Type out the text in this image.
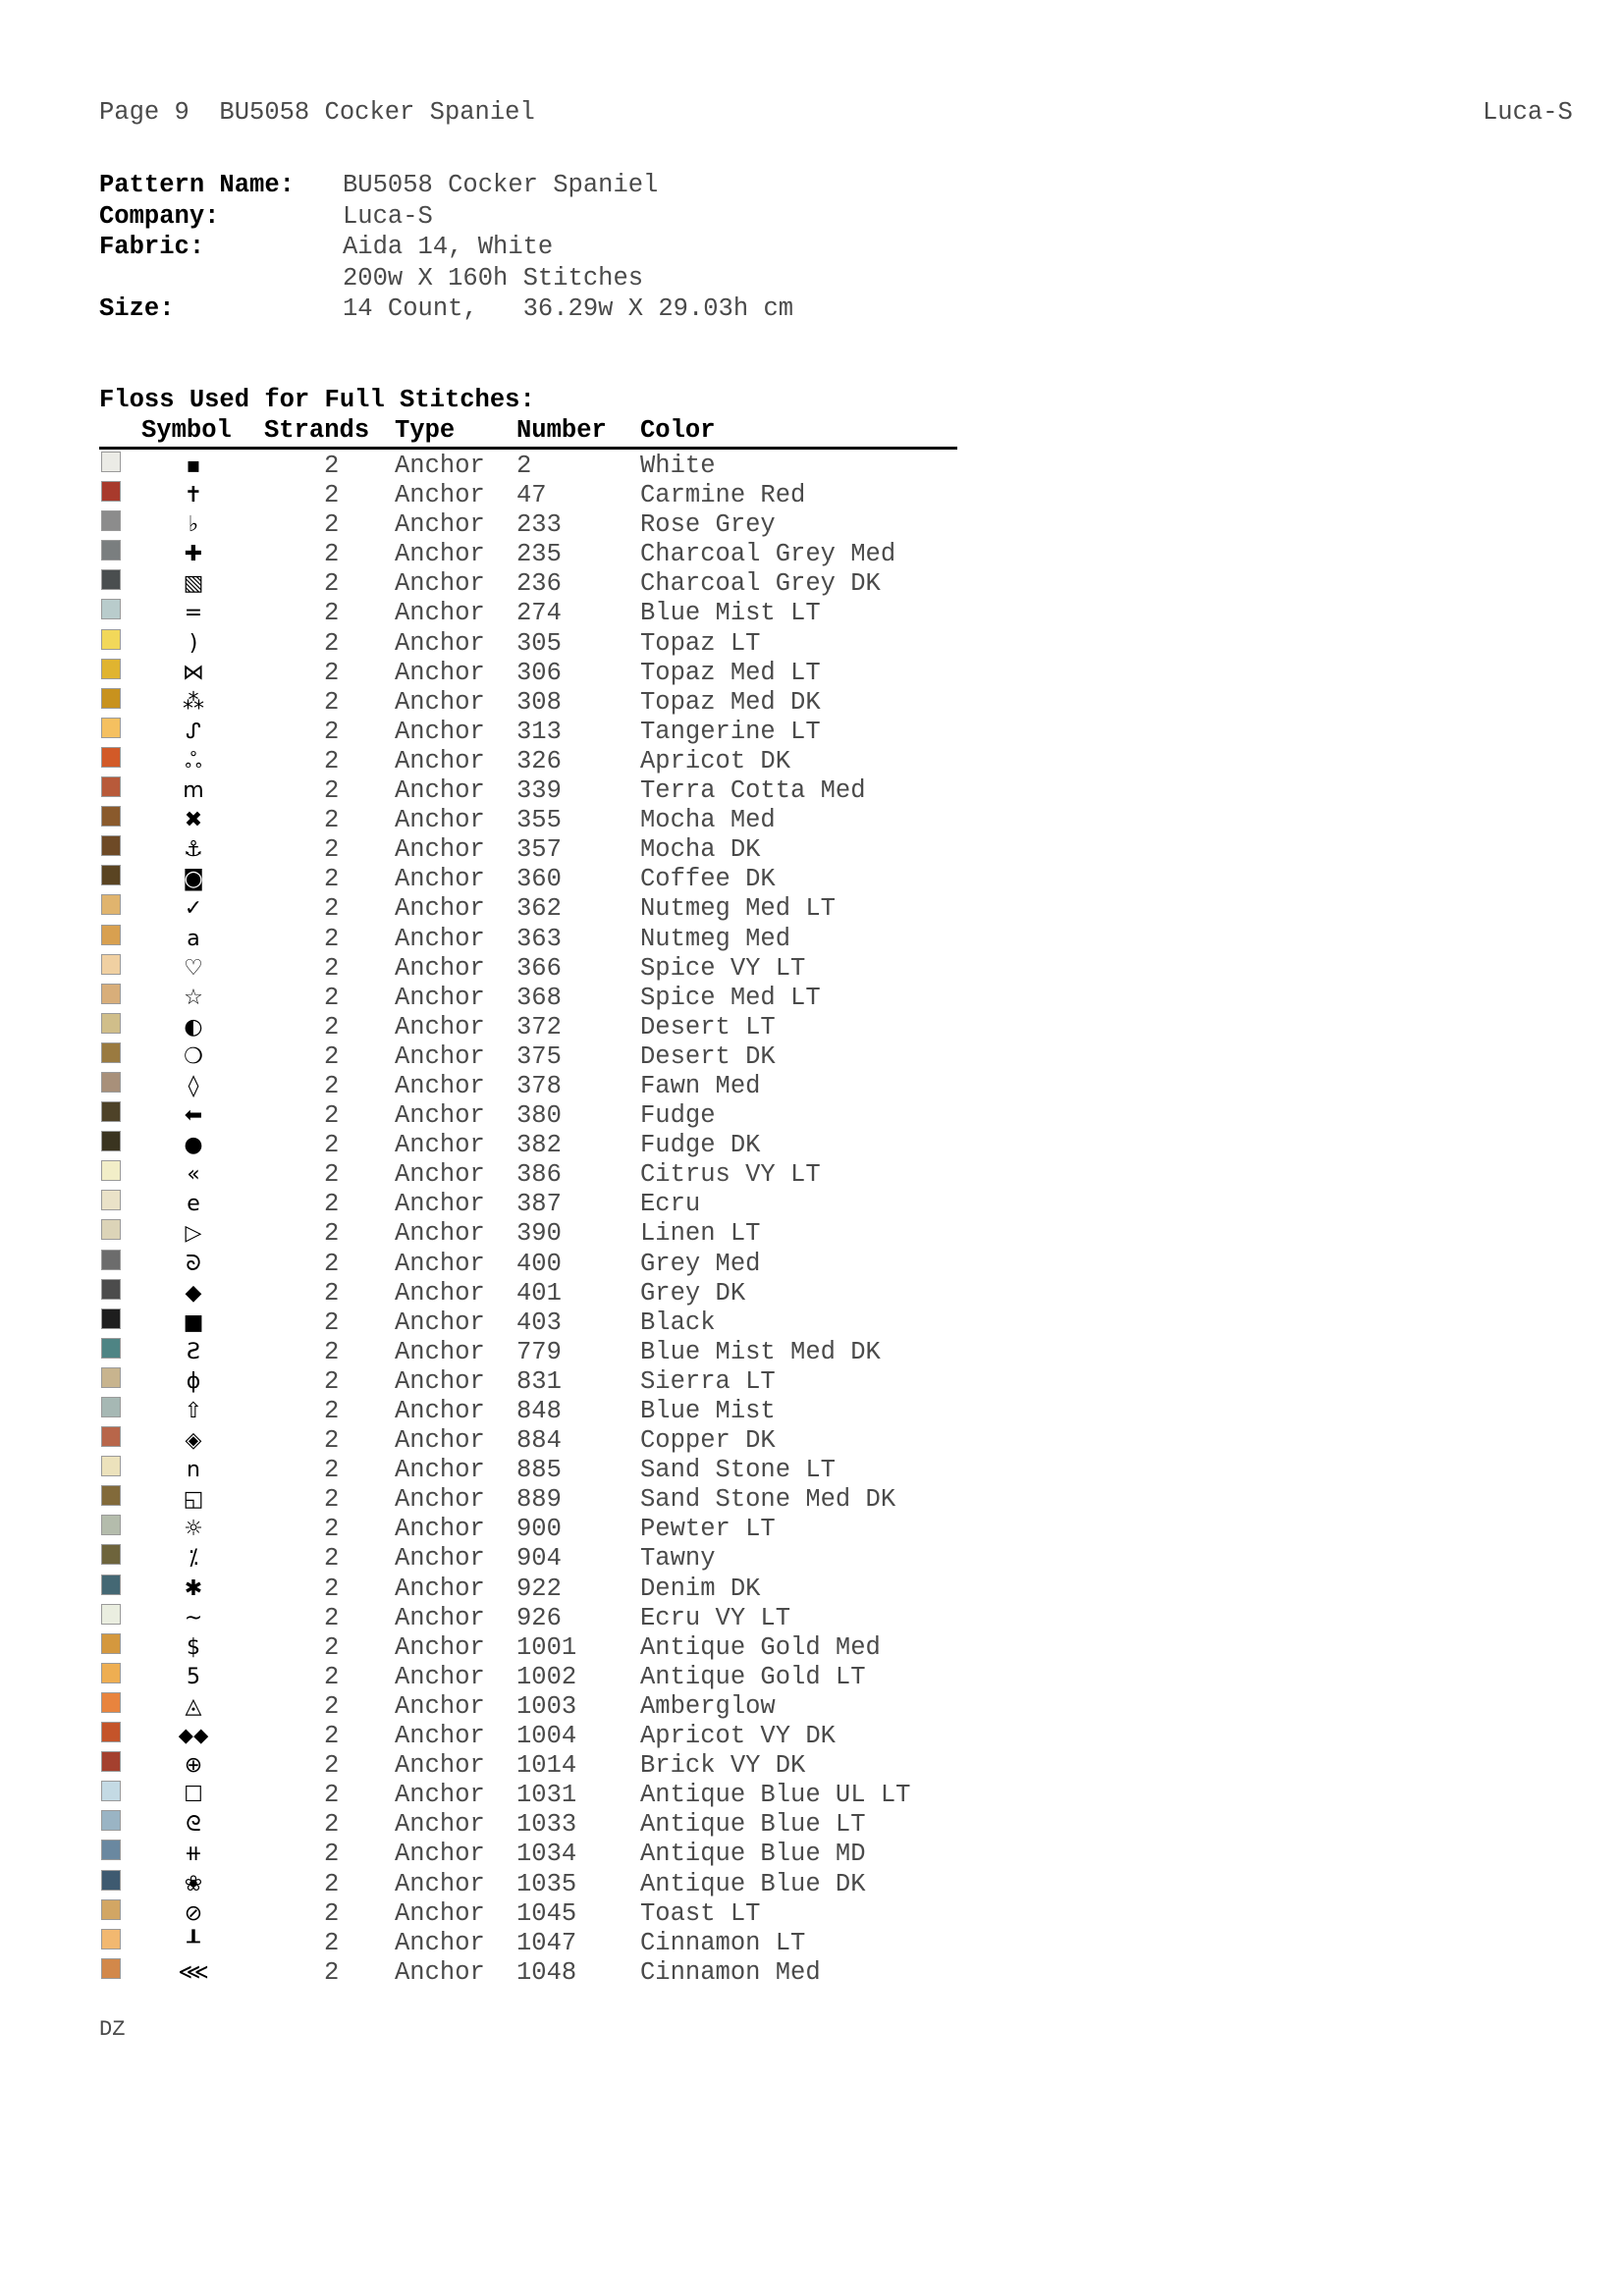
Page 9  BU5058 Cocker Spaniel	Luca-S
Pattern Name:	BU5058 Cocker Spaniel
Company:	Luca-S
Fabric:	Aida 14, White
200w X 160h Stitches
Size:	14 Count,   36.29w X 29.03h cm
Floss Used for Full Stitches:
Symbol Strands Type Number Color
▪	2 Anchor 2	White
✝	2 Anchor 47	Carmine Red
♭	2 Anchor 233	Rose Grey
✚	2 Anchor 235	Charcoal Grey Med
▧	2 Anchor 236	Charcoal Grey DK
=	2 Anchor 274	Blue Mist LT
)	2 Anchor 305	Topaz LT
⋈	2 Anchor 306	Topaz Med LT
⁂	2 Anchor 308	Topaz Med DK
ᔑ	2 Anchor 313	Tangerine LT
ஃ	2 Anchor 326	Apricot DK
m	2 Anchor 339	Terra Cotta Med
✖	2 Anchor 355	Mocha Med
⚓	2 Anchor 357	Mocha DK
◙	2 Anchor 360	Coffee DK
✓	2 Anchor 362	Nutmeg Med LT
a	2 Anchor 363	Nutmeg Med
♡	2 Anchor 366	Spice VY LT
☆	2 Anchor 368	Spice Med LT
◐	2 Anchor 372	Desert LT
❍	2 Anchor 375	Desert DK
◊	2 Anchor 378	Fawn Med
⬅	2 Anchor 380	Fudge
●	2 Anchor 382	Fudge DK
«	2 Anchor 386	Citrus VY LT
e	2 Anchor 387	Ecru
▷	2 Anchor 390	Linen LT
ᘐ	2 Anchor 400	Grey Med
◆	2 Anchor 401	Grey DK
■	2 Anchor 403	Black
Ƨ	2 Anchor 779	Blue Mist Med DK
ɸ	2 Anchor 831	Sierra LT
⇧	2 Anchor 848	Blue Mist
◈	2 Anchor 884	Copper DK
n	2 Anchor 885	Sand Stone LT
◱	2 Anchor 889	Sand Stone Med DK
☼	2 Anchor 900	Pewter LT
⁒	2 Anchor 904	Tawny
✱	2 Anchor 922	Denim DK
~	2 Anchor 926	Ecru VY LT
$	2 Anchor 1001	Antique Gold Med
5	2 Anchor 1002	Antique Gold LT
◬	2 Anchor 1003	Amberglow
⬥⬥	2 Anchor 1004	Apricot VY DK
⊕	2 Anchor 1014	Brick VY DK
☐	2 Anchor 1031	Antique Blue UL LT
ᘓ	2 Anchor 1033	Antique Blue LT
⧺	2 Anchor 1034	Antique Blue MD
❀	2 Anchor 1035	Antique Blue DK
⊘	2 Anchor 1045	Toast LT
┸	2 Anchor 1047	Cinnamon LT
⋘	2 Anchor 1048	Cinnamon Med
DZ
